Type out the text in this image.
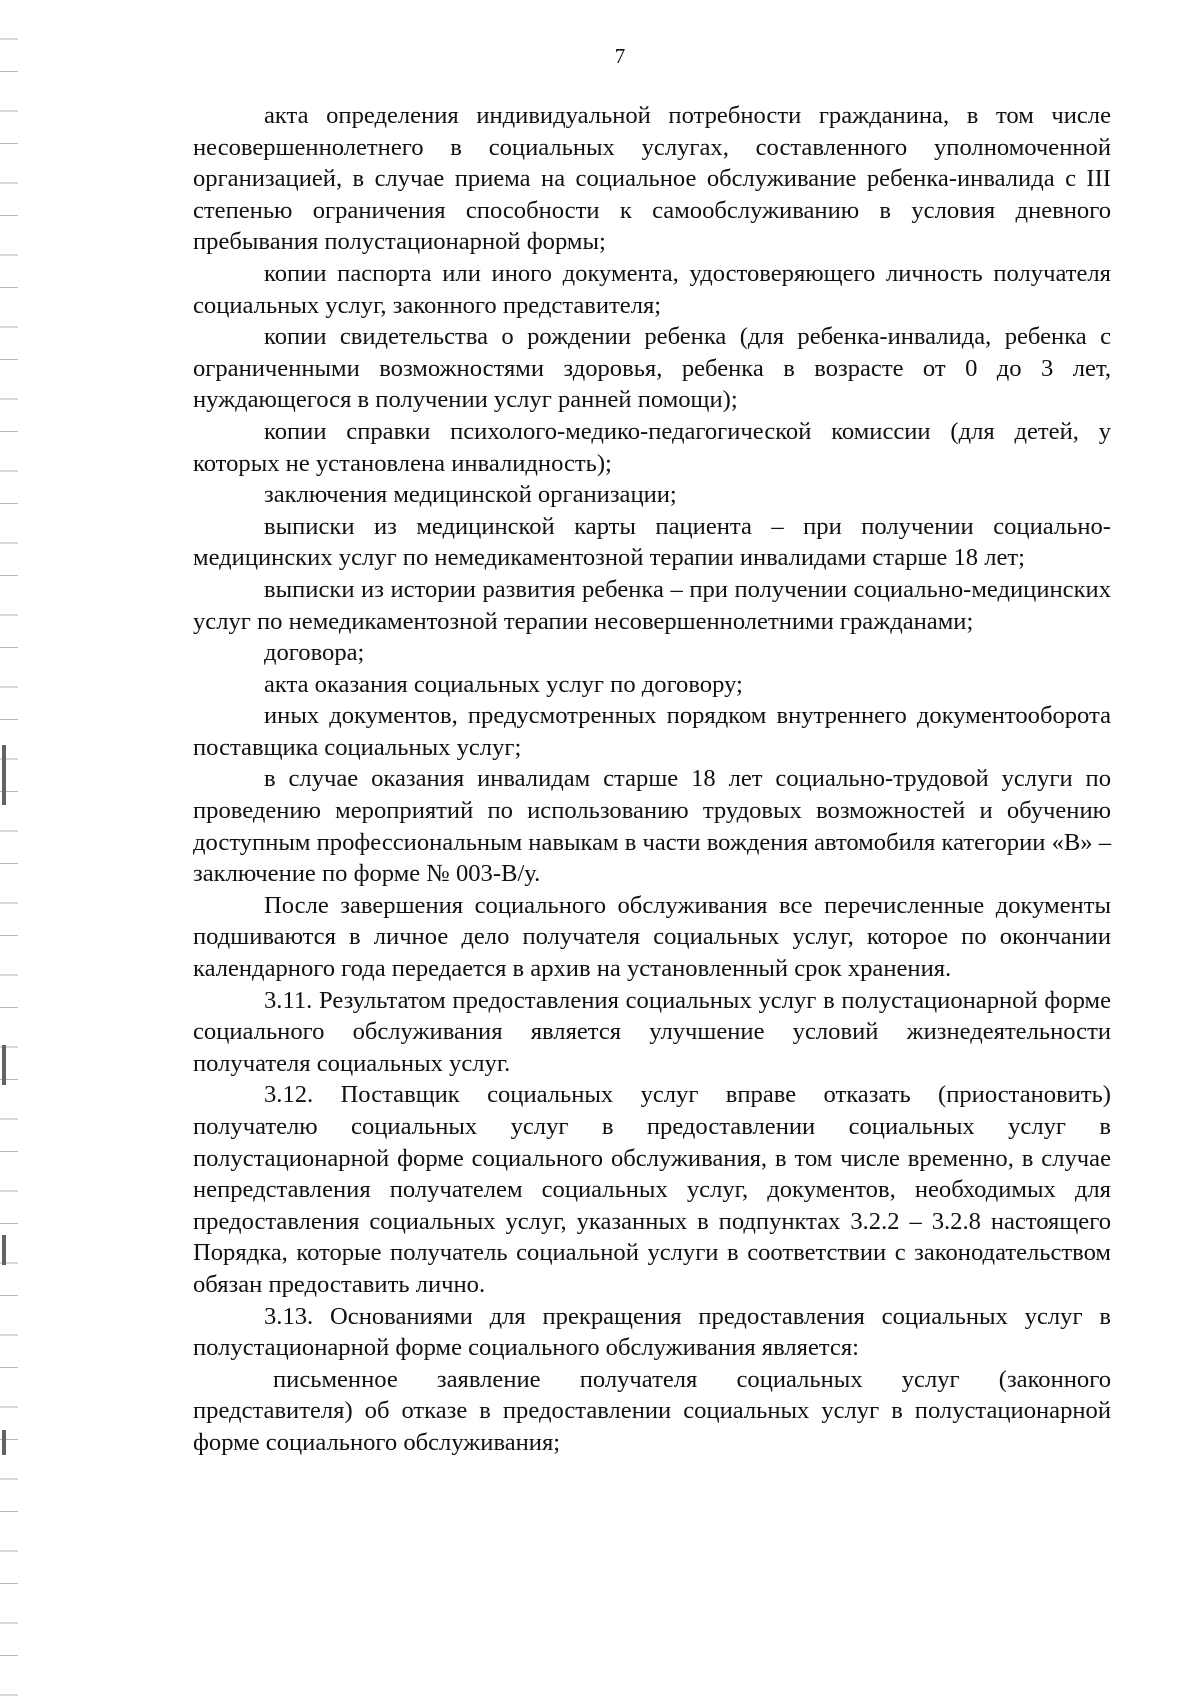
7

акта определения индивидуальной потребности гражданина, в том числе несовершеннолетнего в социальных услугах, составленного уполномоченной организацией, в случае приема на социальное обслуживание ребенка-инвалида с III степенью ограничения способности к самообслуживанию в условия дневного пребывания полустационарной формы;

копии паспорта или иного документа, удостоверяющего личность получателя социальных услуг, законного представителя;

копии свидетельства о рождении ребенка (для ребенка-инвалида, ребенка с ограниченными возможностями здоровья, ребенка в возрасте от 0 до 3 лет, нуждающегося в получении услуг ранней помощи);

копии справки психолого-медико-педагогической комиссии (для детей, у которых не установлена инвалидность);

заключения медицинской организации;

выписки из медицинской карты пациента – при получении социально-медицинских услуг по немедикаментозной терапии инвалидами старше 18 лет;

выписки из истории развития ребенка – при получении социально-медицинских услуг по немедикаментозной терапии несовершеннолетними гражданами;

договора;

акта оказания социальных услуг по договору;

иных документов, предусмотренных порядком внутреннего документооборота поставщика социальных услуг;

в случае оказания инвалидам старше 18 лет социально-трудовой услуги по проведению мероприятий по использованию трудовых возможностей и обучению доступным профессиональным навыкам в части вождения автомобиля категории «В» – заключение по форме № 003-В/у.

После завершения социального обслуживания все перечисленные документы подшиваются в личное дело получателя социальных услуг, которое по окончании календарного года передается в архив на установленный срок хранения.

3.11. Результатом предоставления социальных услуг в полустационарной форме социального обслуживания является улучшение условий жизнедеятельности получателя социальных услуг.

3.12. Поставщик социальных услуг вправе отказать (приостановить) получателю социальных услуг в предоставлении социальных услуг в полустационарной форме социального обслуживания, в том числе временно, в случае непредставления получателем социальных услуг, документов, необходимых для предоставления социальных услуг, указанных в подпунктах 3.2.2 – 3.2.8 настоящего Порядка, которые получатель социальной услуги в соответствии с законодательством обязан предоставить лично.

3.13. Основаниями для прекращения предоставления социальных услуг в полустационарной форме социального обслуживания является:

письменное заявление получателя социальных услуг (законного представителя) об отказе в предоставлении социальных услуг в полустационарной форме социального обслуживания;
